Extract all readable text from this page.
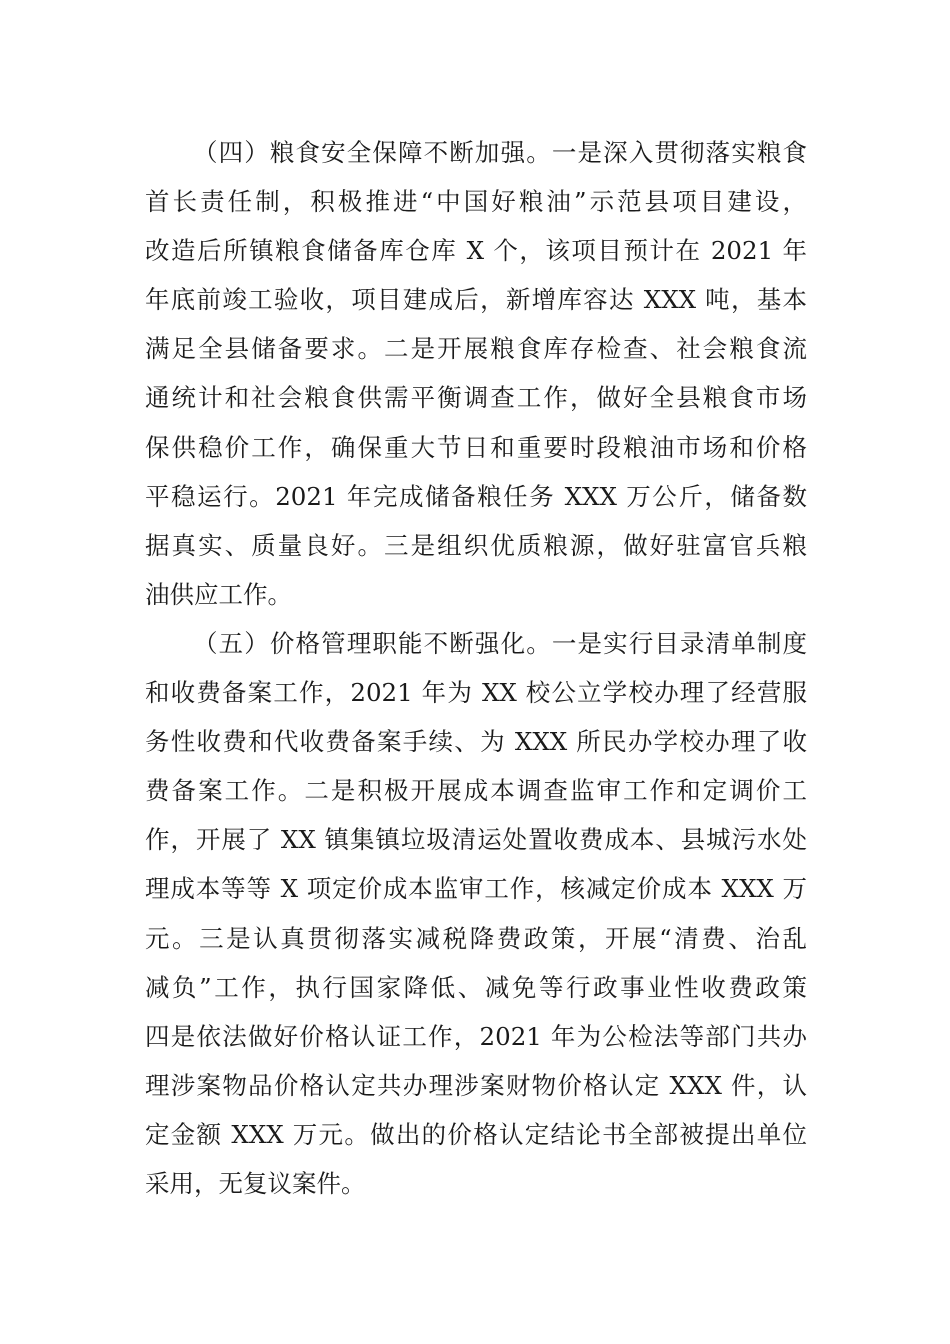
（四）粮食安全保障不断加强。一是深入贯彻落实粮食
首长责任制，积极推进“中国好粮油”示范县项目建设，
改造后所镇粮食储备库仓库 X 个，该项目预计在 2021 年
年底前竣工验收，项目建成后，新增库容达 XXX 吨，基本
满足全县储备要求。二是开展粮食库存检查、社会粮食流
通统计和社会粮食供需平衡调查工作，做好全县粮食市场
保供稳价工作，确保重大节日和重要时段粮油市场和价格
平稳运行。2021 年完成储备粮任务 XXX 万公斤，储备数
据真实、质量良好。三是组织优质粮源，做好驻富官兵粮
油供应工作。
（五）价格管理职能不断强化。一是实行目录清单制度
和收费备案工作，2021 年为 XX 校公立学校办理了经营服
务性收费和代收费备案手续、为 XXX 所民办学校办理了收
费备案工作。二是积极开展成本调查监审工作和定调价工
作，开展了 XX 镇集镇垃圾清运处置收费成本、县城污水处
理成本等等 X 项定价成本监审工作，核减定价成本 XXX 万
元。三是认真贯彻落实减税降费政策，开展“清费、治乱
减负”工作，执行国家降低、减免等行政事业性收费政策
四是依法做好价格认证工作，2021 年为公检法等部门共办
理涉案物品价格认定共办理涉案财物价格认定 XXX 件，认
定金额 XXX 万元。做出的价格认定结论书全部被提出单位
采用，无复议案件。
